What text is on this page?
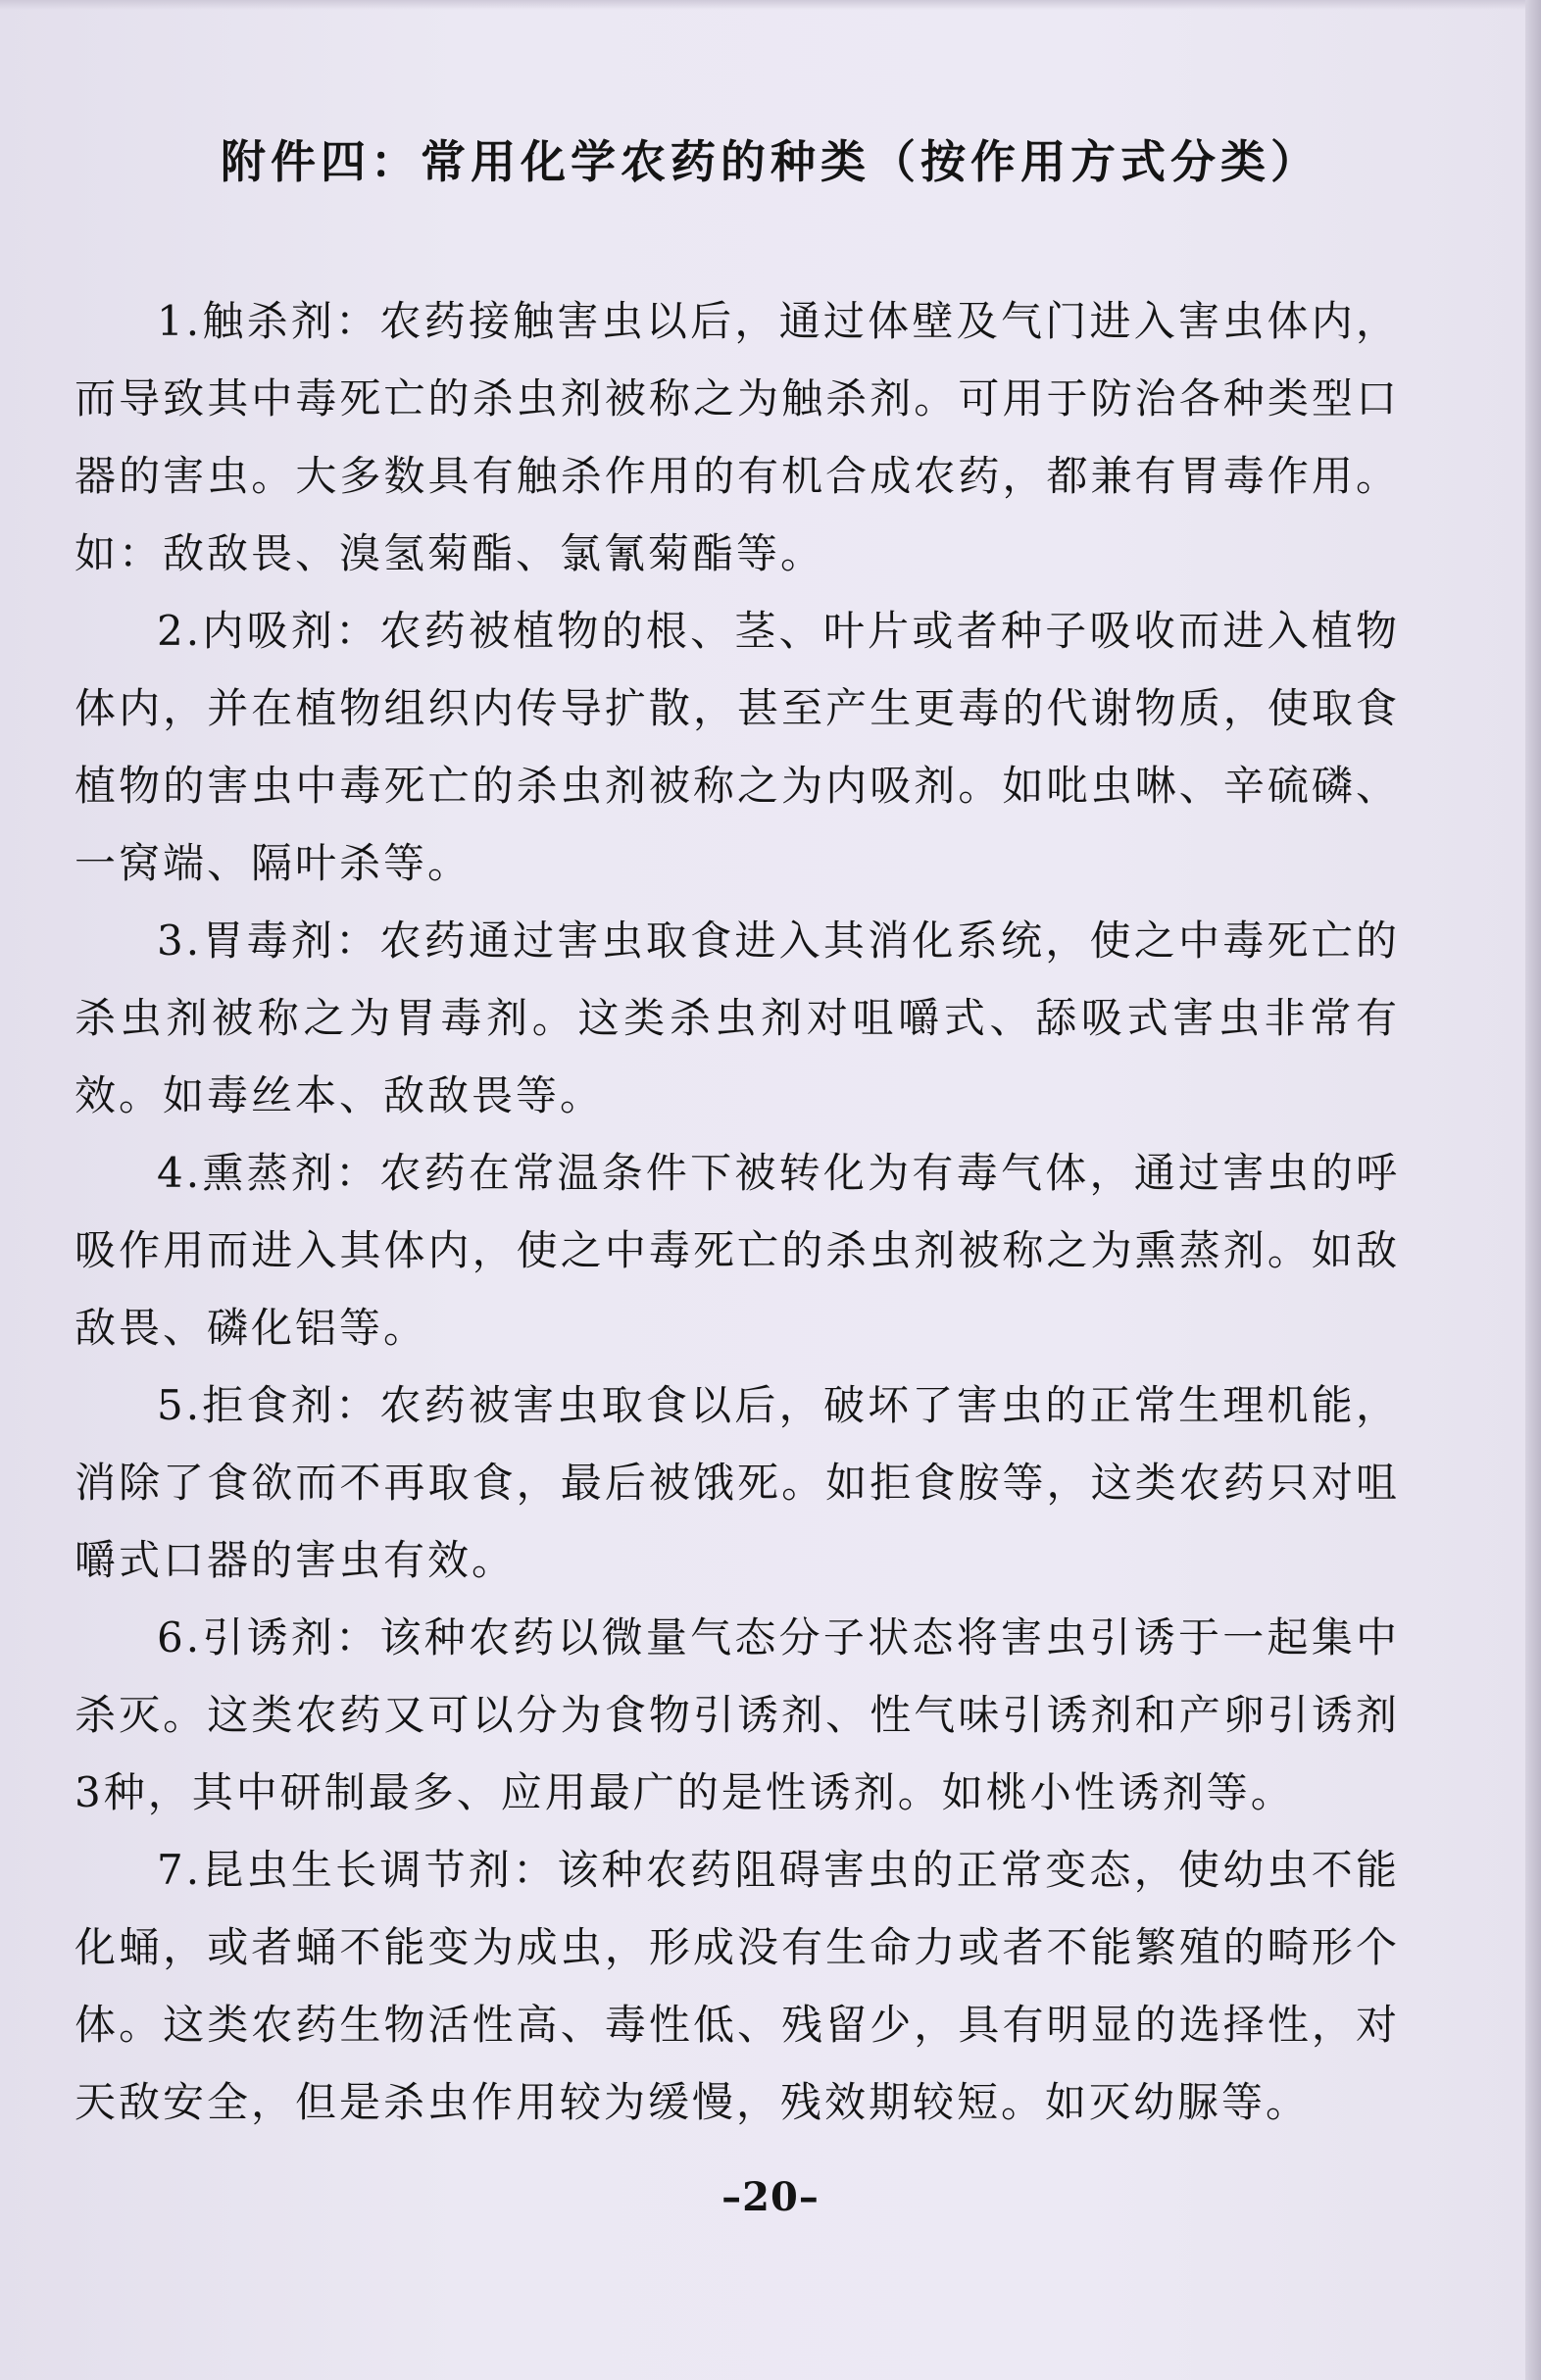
附件四：常用化学农药的种类（按作用方式分类）

1.触杀剂：农药接触害虫以后，通过体壁及气门进入害虫体内，而导致其中毒死亡的杀虫剂被称之为触杀剂。可用于防治各种类型口器的害虫。大多数具有触杀作用的有机合成农药，都兼有胃毒作用。如：敌敌畏、溴氢菊酯、氯氰菊酯等。

2.内吸剂：农药被植物的根、茎、叶片或者种子吸收而进入植物体内，并在植物组织内传导扩散，甚至产生更毒的代谢物质，使取食植物的害虫中毒死亡的杀虫剂被称之为内吸剂。如吡虫啉、辛硫磷、一窝端、隔叶杀等。

3.胃毒剂：农药通过害虫取食进入其消化系统，使之中毒死亡的杀虫剂被称之为胃毒剂。这类杀虫剂对咀嚼式、舔吸式害虫非常有效。如毒丝本、敌敌畏等。

4.熏蒸剂：农药在常温条件下被转化为有毒气体，通过害虫的呼吸作用而进入其体内，使之中毒死亡的杀虫剂被称之为熏蒸剂。如敌敌畏、磷化铝等。

5.拒食剂：农药被害虫取食以后，破坏了害虫的正常生理机能，消除了食欲而不再取食，最后被饿死。如拒食胺等，这类农药只对咀嚼式口器的害虫有效。

6.引诱剂：该种农药以微量气态分子状态将害虫引诱于一起集中杀灭。这类农药又可以分为食物引诱剂、性气味引诱剂和产卵引诱剂3种，其中研制最多、应用最广的是性诱剂。如桃小性诱剂等。

7.昆虫生长调节剂：该种农药阻碍害虫的正常变态，使幼虫不能化蛹，或者蛹不能变为成虫，形成没有生命力或者不能繁殖的畸形个体。这类农药生物活性高、毒性低、残留少，具有明显的选择性，对天敌安全，但是杀虫作用较为缓慢，残效期较短。如灭幼脲等。

–20–
